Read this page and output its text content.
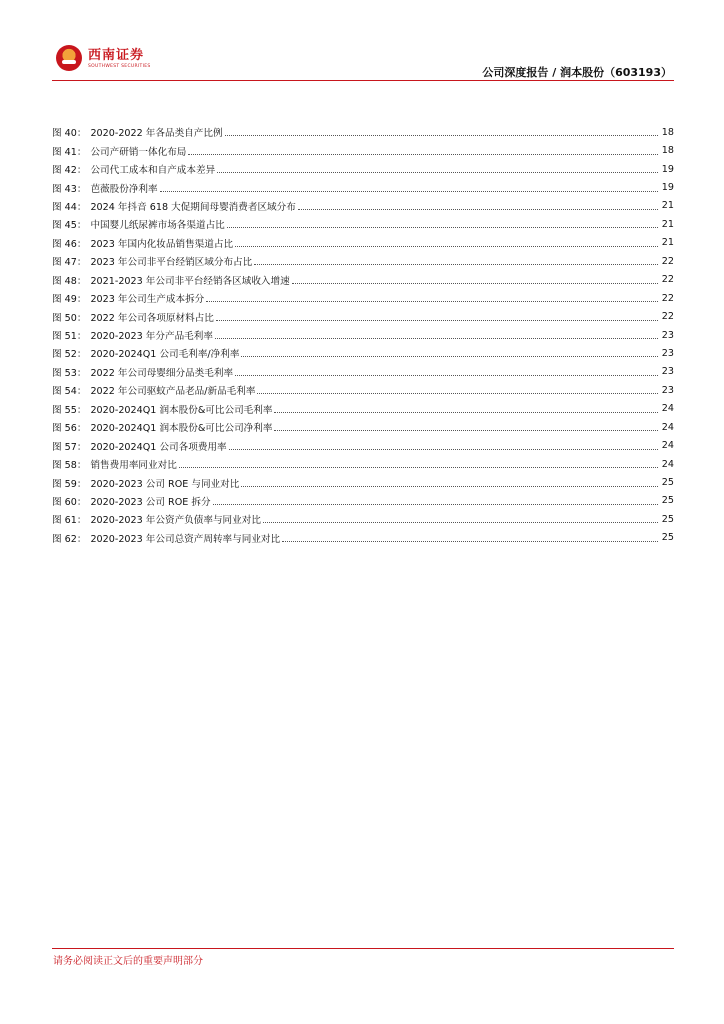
西南证券
SOUTHWEST SECURITIES	公司深度报告 / 润本股份（603193）
图 40： 2020-2022 年各品类自产比例	18
图 41： 公司产研销一体化布局	18
图 42： 公司代工成本和自产成本差异	19
图 43： 芭薇股份净利率	19
图 44： 2024 年抖音 618 大促期间母婴消费者区域分布	21
图 45： 中国婴儿纸尿裤市场各渠道占比	21
图 46： 2023 年国内化妆品销售渠道占比	21
图 47： 2023 年公司非平台经销区域分布占比	22
图 48： 2021-2023 年公司非平台经销各区域收入增速	22
图 49： 2023 年公司生产成本拆分	22
图 50： 2022 年公司各项原材料占比	22
图 51： 2020-2023 年分产品毛利率	23
图 52： 2020-2024Q1 公司毛利率/净利率	23
图 53： 2022 年公司母婴细分品类毛利率	23
图 54： 2022 年公司驱蚊产品老品/新品毛利率	23
图 55： 2020-2024Q1 润本股份&可比公司毛利率	24
图 56： 2020-2024Q1 润本股份&可比公司净利率	24
图 57： 2020-2024Q1 公司各项费用率	24
图 58： 销售费用率同业对比	24
图 59： 2020-2023 公司 ROE 与同业对比	25
图 60： 2020-2023 公司 ROE 拆分	25
图 61： 2020-2023 年公资产负债率与同业对比	25
图 62： 2020-2023 年公司总资产周转率与同业对比	25
请务必阅读正文后的重要声明部分
